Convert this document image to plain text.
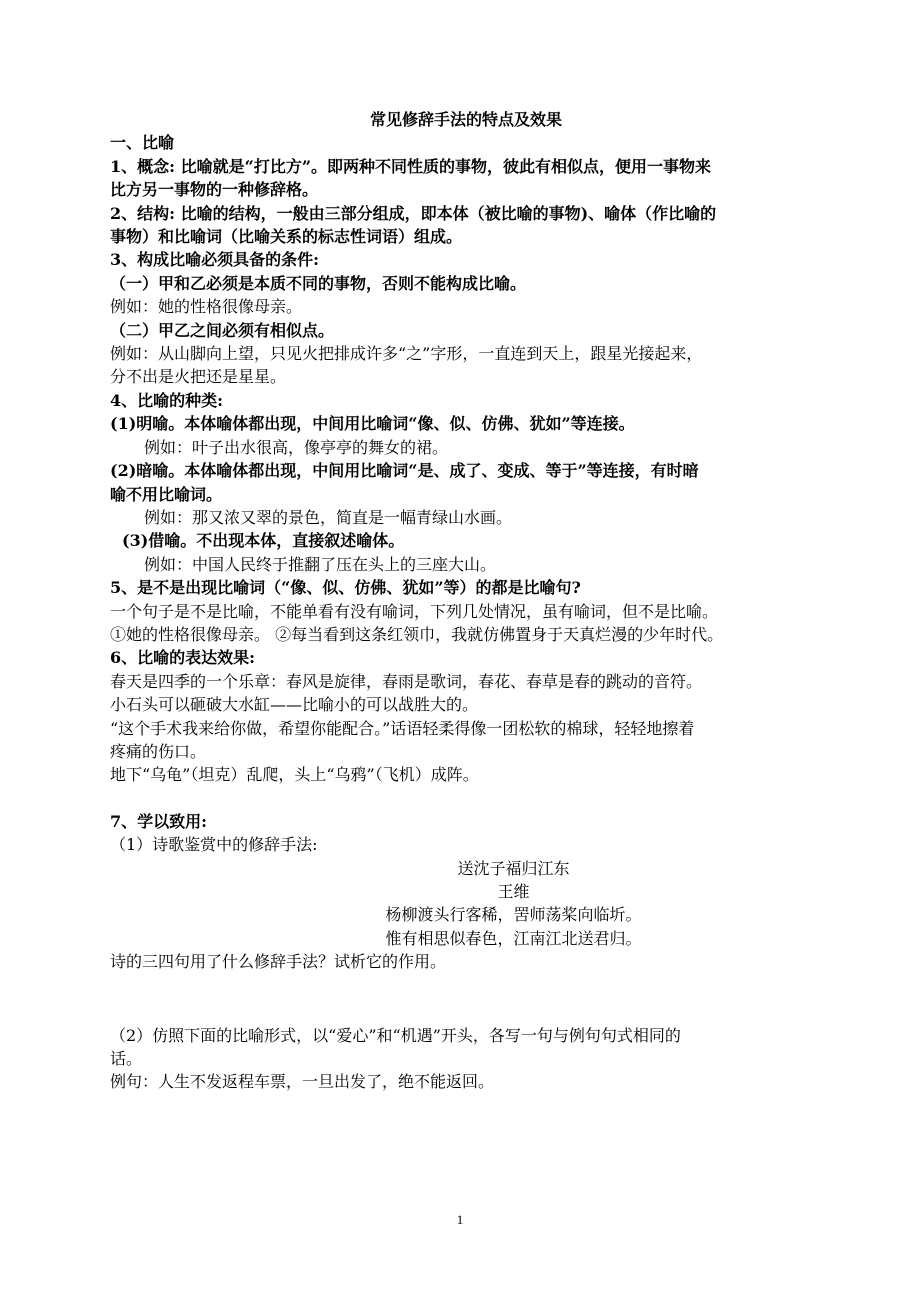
常见修辞手法的特点及效果
一、比喻
1、概念: 比喻就是“打比方”。即两种不同性质的事物，彼此有相似点，便用一事物来
比方另一事物的一种修辞格。
2、结构: 比喻的结构，一般由三部分组成，即本体（被比喻的事物)、喻体（作比喻的
事物）和比喻词（比喻关系的标志性词语）组成。
3、构成比喻必须具备的条件:
（一）甲和乙必须是本质不同的事物，否则不能构成比喻。
例如：她的性格很像母亲。
（二）甲乙之间必须有相似点。
例如：从山脚向上望，只见火把排成许多“之”字形，一直连到天上，跟星光接起来，
分不出是火把还是星星。
4、比喻的种类:
(1)明喻。本体喻体都出现，中间用比喻词“像、似、仿佛、犹如”等连接。
例如：叶子出水很高，像亭亭的舞女的裙。
(2)暗喻。本体喻体都出现，中间用比喻词“是、成了、变成、等于”等连接，有时暗
喻不用比喻词。
例如：那又浓又翠的景色，简直是一幅青绿山水画。
(3)借喻。不出现本体，直接叙述喻体。
例如：中国人民终于推翻了压在头上的三座大山。
5、是不是出现比喻词（“像、似、仿佛、犹如”等）的都是比喻句?
一个句子是不是比喻，不能单看有没有喻词，下列几处情况，虽有喻词，但不是比喻。
①她的性格很像母亲。 ②每当看到这条红领巾，我就仿佛置身于天真烂漫的少年时代。
6、比喻的表达效果:
春天是四季的一个乐章：春风是旋律，春雨是歌词，春花、春草是春的跳动的音符。
小石头可以砸破大水缸——比喻小的可以战胜大的。
“这个手术我来给你做，希望你能配合。”话语轻柔得像一团松软的棉球，轻轻地擦着
疼痛的伤口。
地下“乌龟”（坦克）乱爬，头上“乌鸦”（飞机）成阵。
7、学以致用:
（1）诗歌鉴赏中的修辞手法:
送沈子福归江东
王维
杨柳渡头行客稀，罟师荡桨向临圻。
惟有相思似春色，江南江北送君归。
诗的三四句用了什么修辞手法？试析它的作用。
（2）仿照下面的比喻形式，以“爱心”和“机遇”开头，各写一句与例句句式相同的
话。
例句：人生不发返程车票，一旦出发了，绝不能返回。
1
